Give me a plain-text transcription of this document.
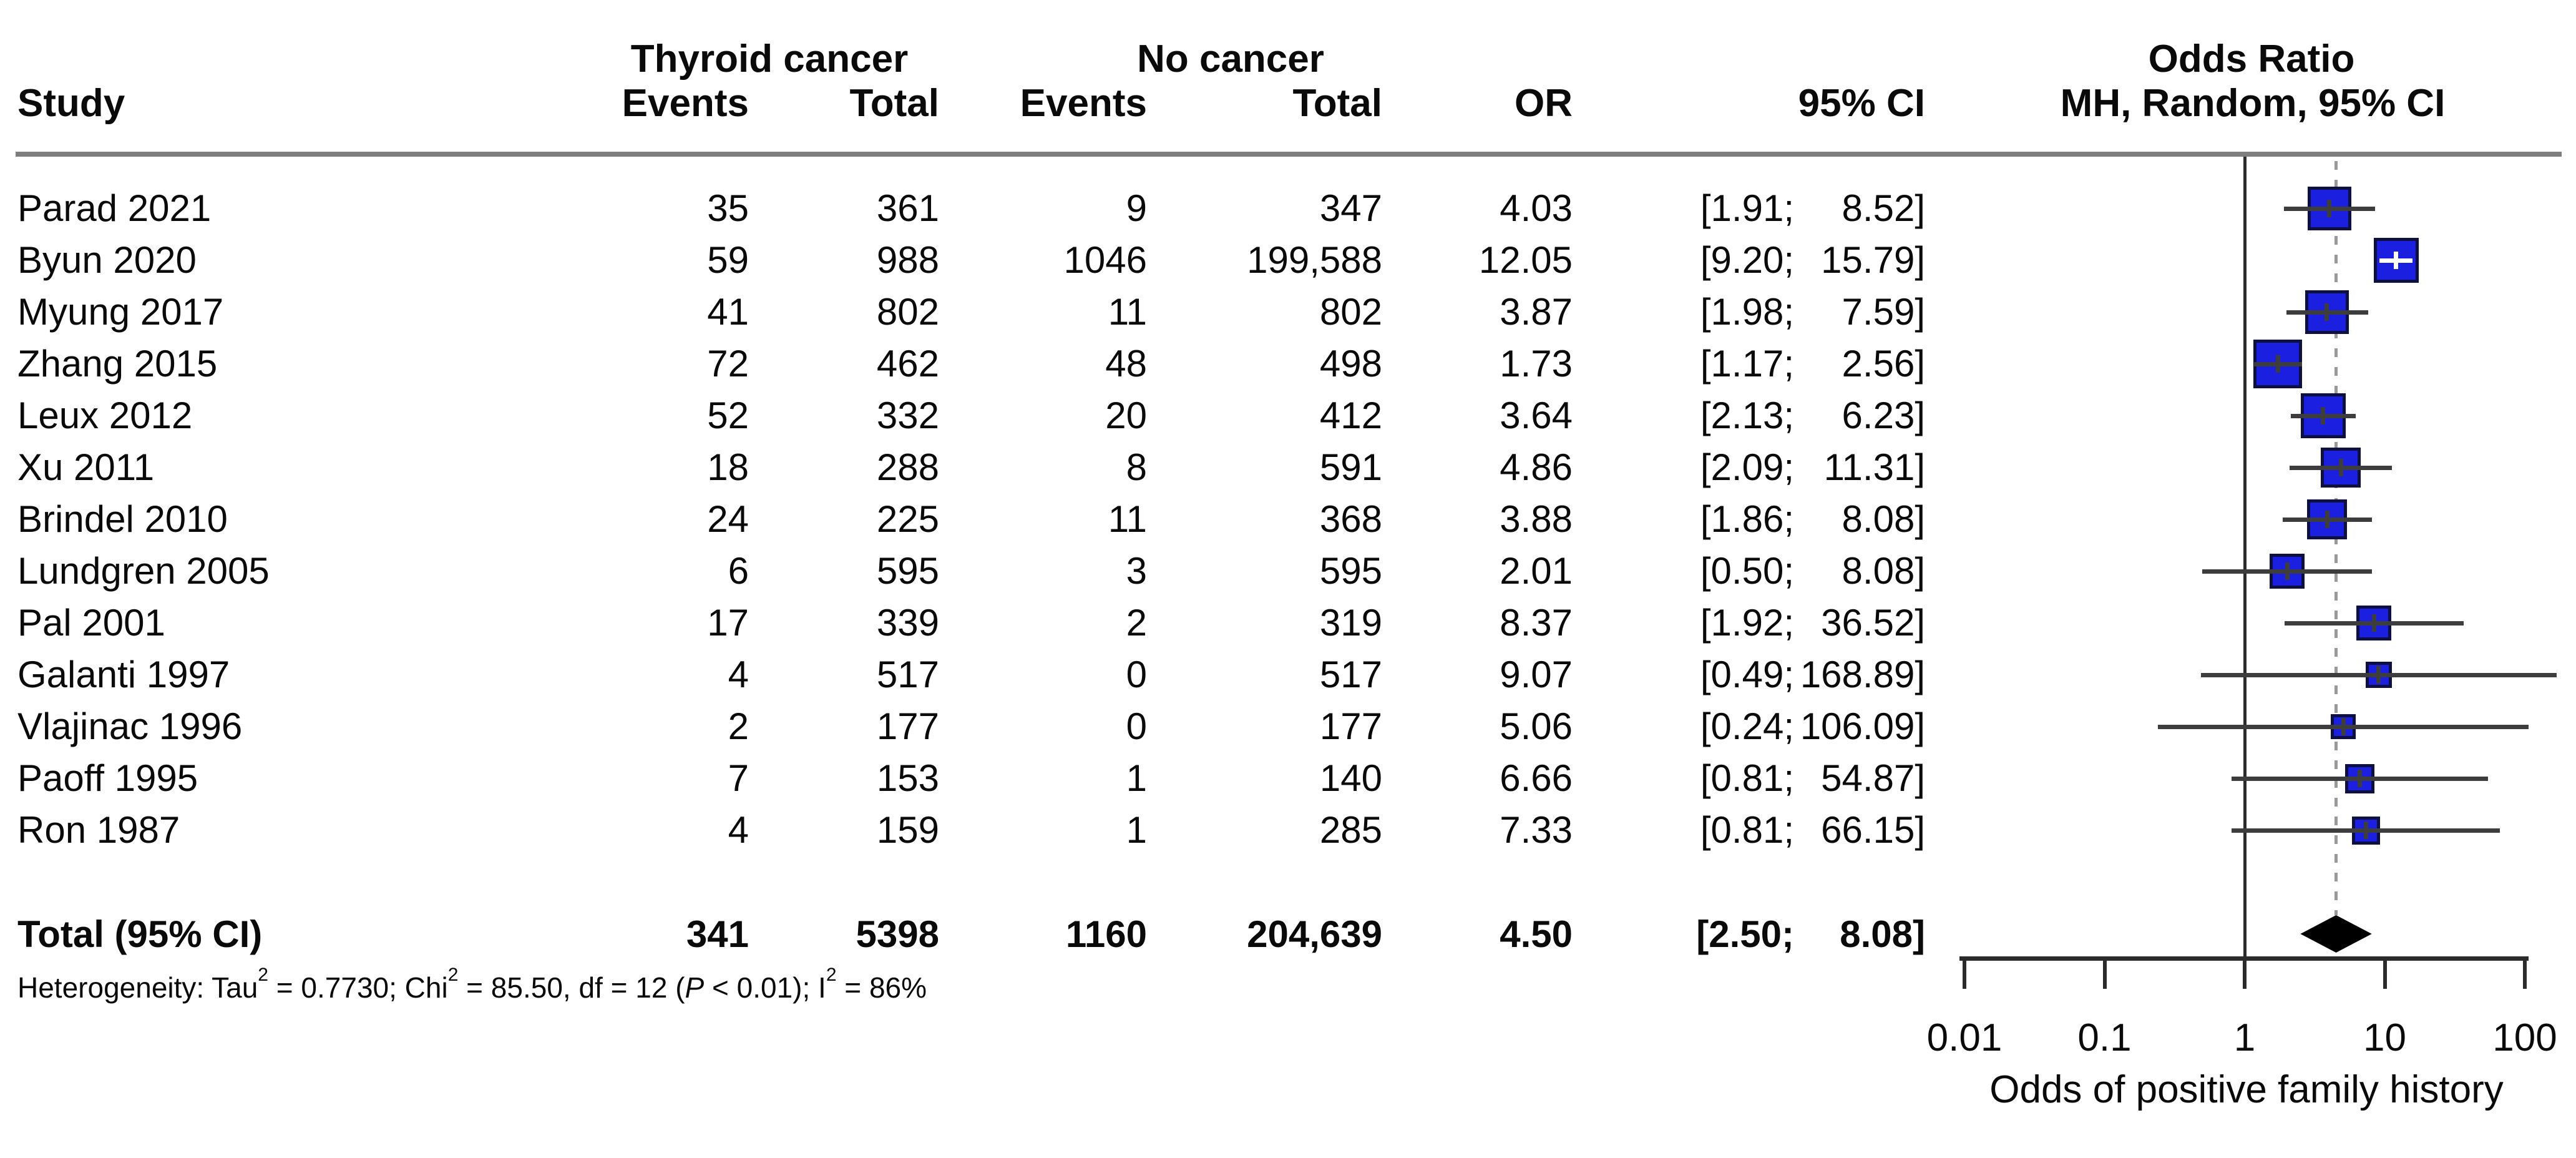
Thyroid cancer	No cancer	Odds Ratio
Study	Events	Total	Events	Total	OR	95% CI	MH, Random, 95% CI
Parad 2021	35	361	9	347	4.03	[1.91;	8.52]
Byun 2020	59	988	1046	199,588	12.05	[9.20; 15.79]
Myung 2017	41	802	11	802	3.87	[1.98;	7.59]
Zhang 2015	72	462	48	498	1.73	[1.17;	2.56]
Leux 2012	52	332	20	412	3.64	[2.13;	6.23]
Xu 2011	18	288	8	591	4.86	[2.09; 11.31]
Brindel 2010	24	225	11	368	3.88	[1.86;	8.08]
Lundgren 2005	6	595	3	595	2.01	[0.50;	8.08]
Pal 2001	17	339	2	319	8.37	[1.92; 36.52]
Galanti 1997	4	517	0	517	9.07	[0.49; 168.89]
Vlajinac 1996	2	177	0	177	5.06	[0.24; 106.09]
Paoff 1995	7	153	1	140	6.66	[0.81; 54.87]
Ron 1987	4	159	1	285	7.33	[0.81; 66.15]
Total (95% CI)	341	5398	1160	204,639	4.50	[2.50;	8.08]
0.01	0.1	1	10	100
Heterogeneity: Tau 2 = 0.7730; Chi 2 = 85.50, df = 12 ( P < 0.01); I 2 = 86%
Odds of positive family history
